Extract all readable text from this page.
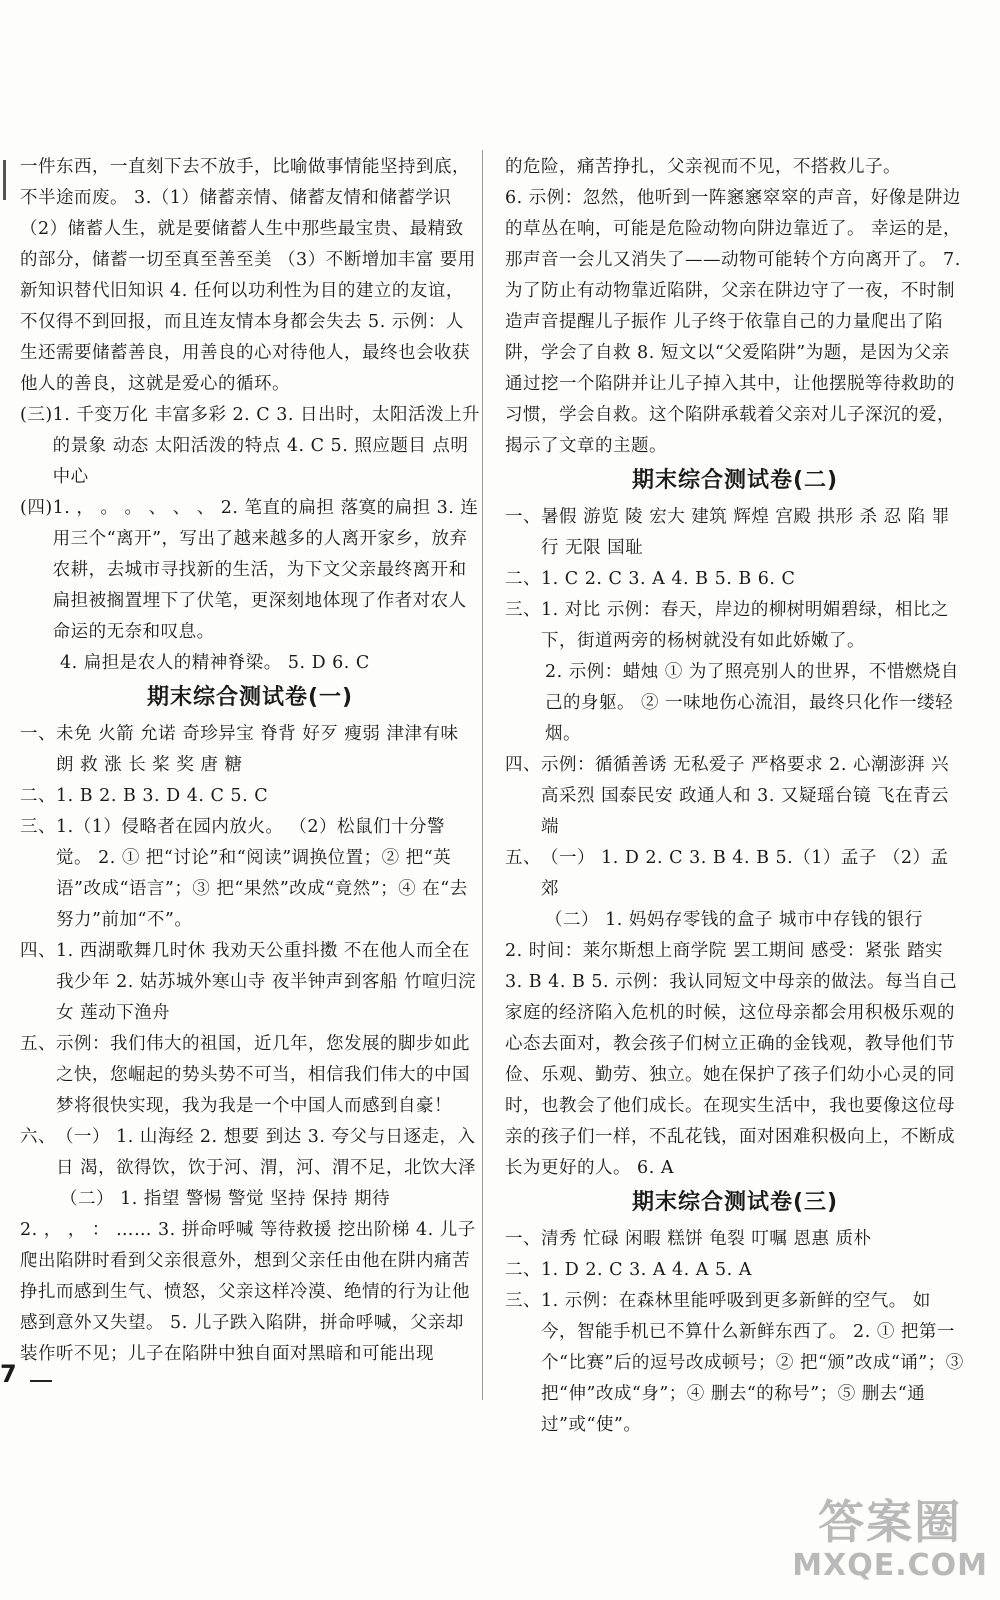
一件东西，一直刻下去不放手，比喻做事情能坚持到底，不半途而废。 3.（1）储蓄亲情、储蓄友情和储蓄学识 （2）储蓄人生，就是要储蓄人生中那些最宝贵、最精致的部分，储蓄一切至真至善至美 （3）不断增加丰富 要用新知识替代旧知识 4. 任何以功利性为目的建立的友谊，不仅得不到回报，而且连友情本身都会失去 5. 示例：人生还需要储蓄善良，用善良的心对待他人，最终也会收获他人的善良，这就是爱心的循环。
(三) 1. 千变万化 丰富多彩 2. C 3. 日出时，太阳活泼上升的景象 动态 太阳活泼的特点 4. C 5. 照应题目 点明中心
(四) 1. ， 。 。 、 、 、 2. 笔直的扁担 落寞的扁担 3. 连用三个“离开”，写出了越来越多的人离开家乡，放弃农耕，去城市寻找新的生活，为下文父亲最终离开和扁担被搁置埋下了伏笔，更深刻地体现了作者对农人命运的无奈和叹息。
4. 扁担是农人的精神脊梁。 5. D 6. C
期末综合测试卷(一)
一、 未免 火箭 允诺 奇珍异宝 脊背 好歹 瘦弱 津津有味 朗 救 涨 长 桨 奖 唐 糖
二、 1. B 2. B 3. D 4. C 5. C
三、 1.（1）侵略者在园内放火。 （2）松鼠们十分警觉。 2. ① 把“讨论”和“阅读”调换位置；② 把“英语”改成“语言”；③ 把“果然”改成“竟然”；④ 在“去努力”前加“不”。
四、 1. 西湖歌舞几时休 我劝天公重抖擞 不在他人而全在我少年 2. 姑苏城外寒山寺 夜半钟声到客船 竹喧归浣女 莲动下渔舟
五、 示例：我们伟大的祖国，近几年，您发展的脚步如此之快，您崛起的势头势不可当，相信我们伟大的中国梦将很快实现，我为我是一个中国人而感到自豪！
六、 （一） 1. 山海经 2. 想要 到达 3. 夸父与日逐走，入日 渴，欲得饮，饮于河、渭，河、渭不足，北饮大泽
（二） 1. 指望 警惕 警觉 坚持 保持 期待
2. ， ， ： …… 3. 拼命呼喊 等待救援 挖出阶梯 4. 儿子爬出陷阱时看到父亲很意外，想到父亲任由他在阱内痛苦挣扎而感到生气、愤怒，父亲这样冷漠、绝情的行为让他感到意外又失望。 5. 儿子跌入陷阱，拼命呼喊，父亲却装作听不见；儿子在陷阱中独自面对黑暗和可能出现
的危险，痛苦挣扎，父亲视而不见，不搭救儿子。
6. 示例：忽然，他听到一阵窸窸窣窣的声音，好像是阱边的草丛在响，可能是危险动物向阱边靠近了。 幸运的是，那声音一会儿又消失了——动物可能转个方向离开了。 7. 为了防止有动物靠近陷阱，父亲在阱边守了一夜，不时制造声音提醒儿子振作 儿子终于依靠自己的力量爬出了陷阱，学会了自救 8. 短文以“父爱陷阱”为题，是因为父亲通过挖一个陷阱并让儿子掉入其中，让他摆脱等待救助的习惯，学会自救。这个陷阱承载着父亲对儿子深沉的爱，揭示了文章的主题。
期末综合测试卷(二)
一、 暑假 游览 陵 宏大 建筑 辉煌 宫殿 拱形 杀 忍 陷 罪行 无限 国耻
二、 1. C 2. C 3. A 4. B 5. B 6. C
三、 1. 对比 示例：春天，岸边的柳树明媚碧绿，相比之下，街道两旁的杨树就没有如此娇嫩了。
2. 示例：蜡烛 ① 为了照亮别人的世界，不惜燃烧自己的身躯。 ② 一味地伤心流泪，最终只化作一缕轻烟。
四、 示例：循循善诱 无私爱子 严格要求 2. 心潮澎湃 兴高采烈 国泰民安 政通人和 3. 又疑瑶台镜 飞在青云端
五、 （一） 1. D 2. C 3. B 4. B 5.（1）孟子 （2）孟郊
（二） 1. 妈妈存零钱的盒子 城市中存钱的银行
2. 时间：莱尔斯想上商学院 罢工期间 感受：紧张 踏实 3. B 4. B 5. 示例：我认同短文中母亲的做法。每当自己家庭的经济陷入危机的时候，这位母亲都会用积极乐观的心态去面对，教会孩子们树立正确的金钱观，教导他们节俭、乐观、勤劳、独立。她在保护了孩子们幼小心灵的同时，也教会了他们成长。在现实生活中，我也要像这位母亲的孩子们一样，不乱花钱，面对困难积极向上，不断成长为更好的人。 6. A
期末综合测试卷(三)
一、 清秀 忙碌 闲暇 糕饼 龟裂 叮嘱 恩惠 质朴
二、 1. D 2. C 3. A 4. A 5. A
三、 1. 示例：在森林里能呼吸到更多新鲜的空气。 如今，智能手机已不算什么新鲜东西了。 2. ① 把第一个“比赛”后的逗号改成顿号；② 把“颁”改成“诵”；③ 把“伸”改成“身”；④ 删去“的称号”；⑤ 删去“通过”或“使”。
7
答案圈
MXQE.COM
